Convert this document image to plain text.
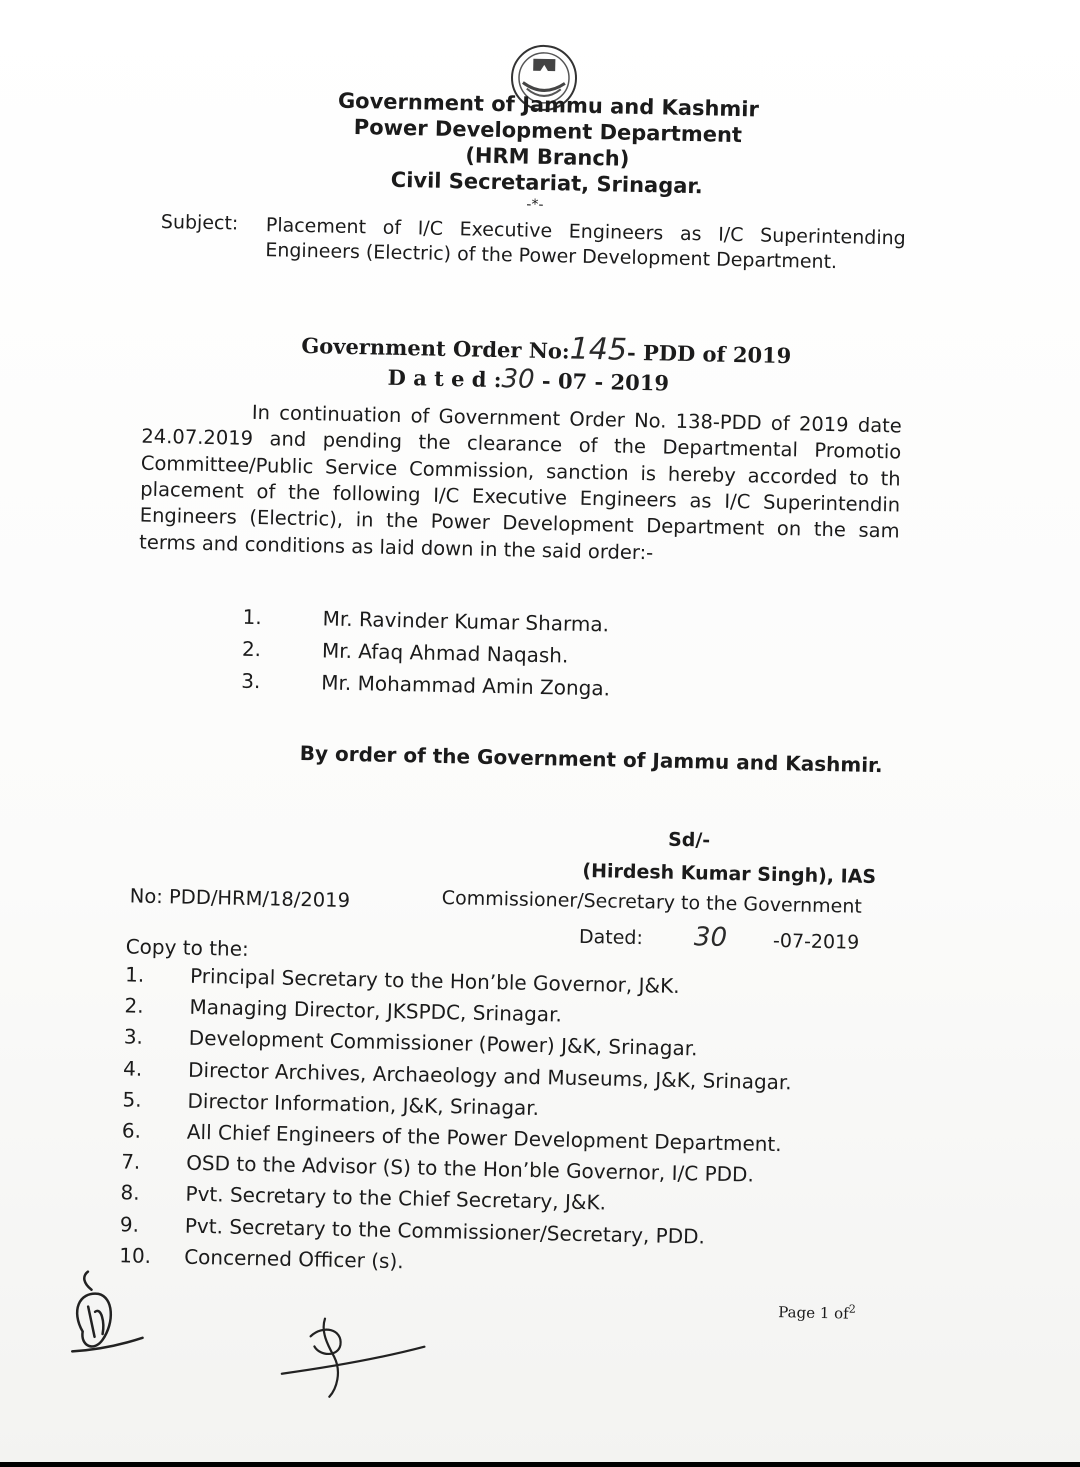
Government of Jammu and Kashmir
Power Development Department
(HRM Branch)
Civil Secretariat, Srinagar.
-*-
Subject: Placement of I/C Executive Engineers as I/C Superintending Engineers (Electric) of the Power Development Department.
Government Order No:145- PDD of 2019
D a t e d :30 - 07 - 2019
In continuation of Government Order No. 138-PDD of 2019 date 24.07.2019 and pending the clearance of the Departmental Promotio Committee/Public Service Commission, sanction is hereby accorded to th placement of the following I/C Executive Engineers as I/C Superintendin Engineers (Electric), in the Power Development Department on the sam terms and conditions as laid down in the said order:-
1.	Mr. Ravinder Kumar Sharma.
2.	Mr. Afaq Ahmad Naqash.
3.	Mr. Mohammad Amin Zonga.
By order of the Government of Jammu and Kashmir.
Sd/-
(Hirdesh Kumar Singh), IAS
Commissioner/Secretary to the Government
Dated: 30 -07-2019
No: PDD/HRM/18/2019
Copy to the:
1. Principal Secretary to the Hon’ble Governor, J&K.
2. Managing Director, JKSPDC, Srinagar.
3. Development Commissioner (Power) J&K, Srinagar.
4. Director Archives, Archaeology and Museums, J&K, Srinagar.
5. Director Information, J&K, Srinagar.
6. All Chief Engineers of the Power Development Department.
7. OSD to the Advisor (S) to the Hon’ble Governor, I/C PDD.
8. Pvt. Secretary to the Chief Secretary, J&K.
9. Pvt. Secretary to the Commissioner/Secretary, PDD.
10. Concerned Officer (s).
Page 1 $of^2$
